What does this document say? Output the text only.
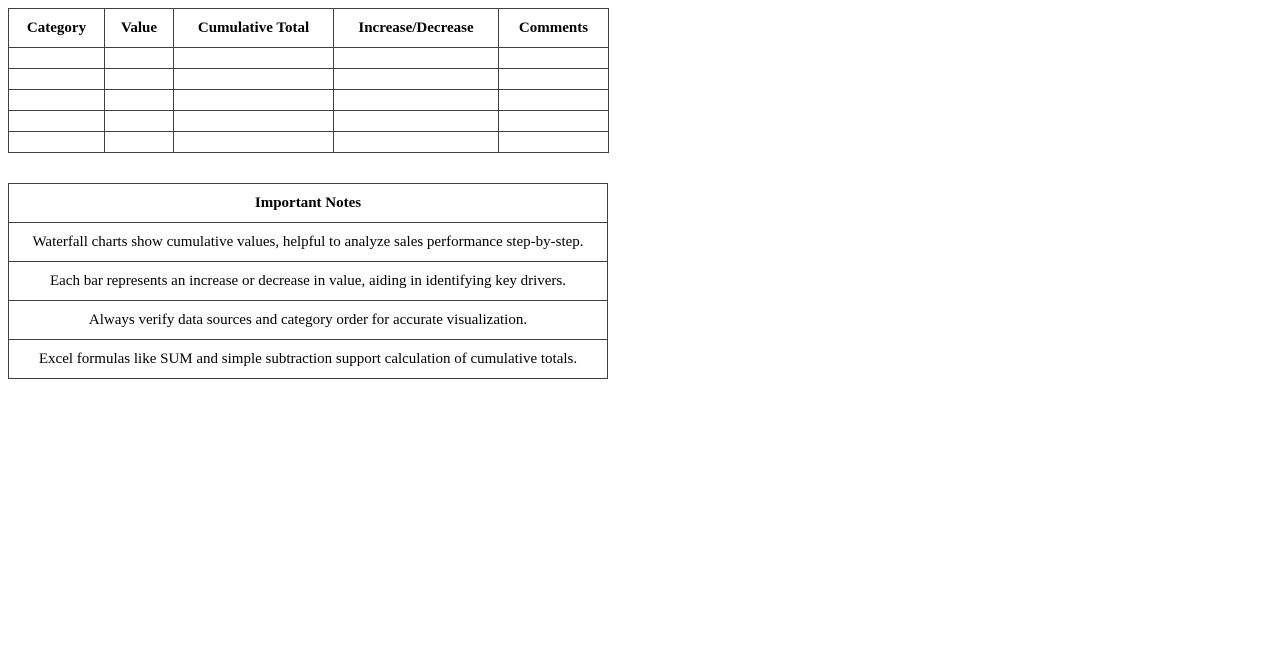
Category	Value	Cumulative Total	Increase/Decrease	Comments

Important Notes
Waterfall charts show cumulative values, helpful to analyze sales performance step-by-step.
Each bar represents an increase or decrease in value, aiding in identifying key drivers.
Always verify data sources and category order for accurate visualization.
Excel formulas like SUM and simple subtraction support calculation of cumulative totals.
